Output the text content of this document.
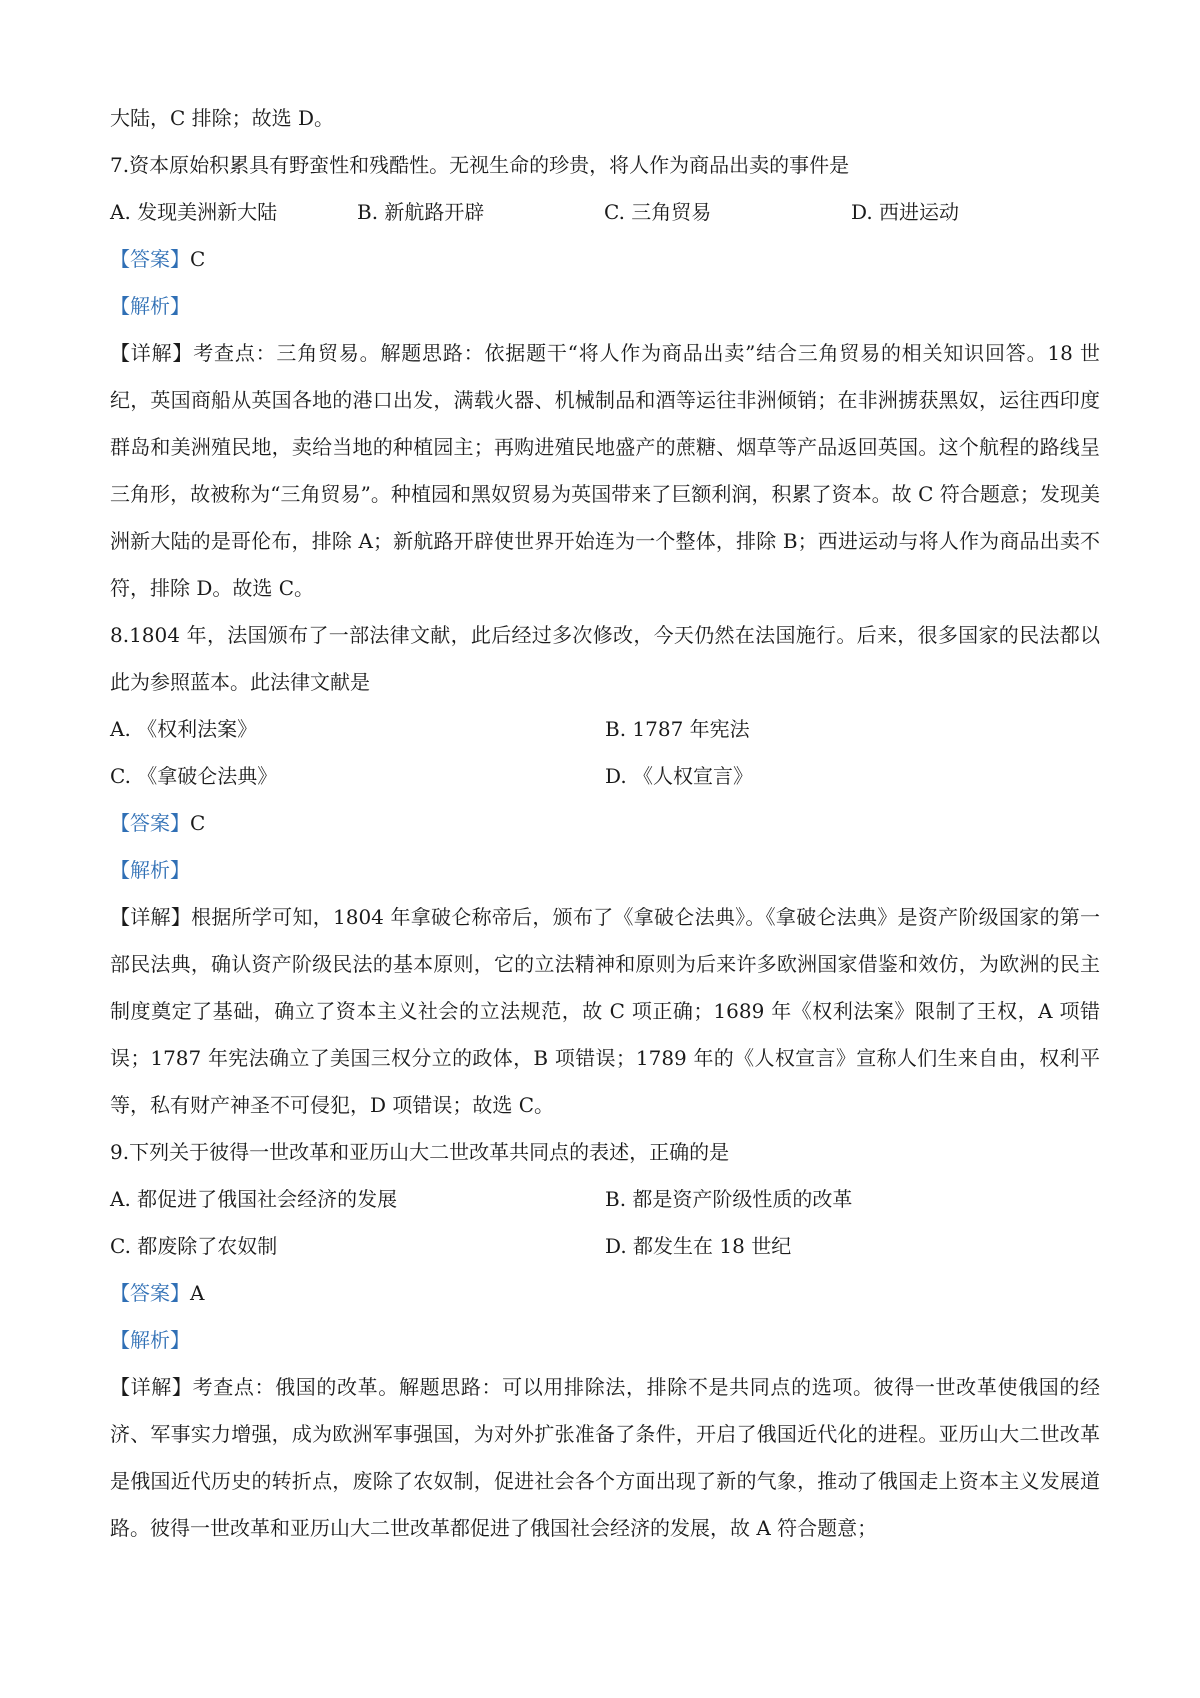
大陆，C 排除；故选 D。
7.资本原始积累具有野蛮性和残酷性。无视生命的珍贵，将人作为商品出卖的事件是
A. 发现美洲新大陆	B. 新航路开辟	C. 三角贸易	D. 西进运动
【答案】C
【解析】
【详解】考查点：三角贸易。解题思路：依据题干“将人作为商品出卖”结合三角贸易的相关知识回答。18 世纪，英国商船从英国各地的港口出发，满载火器、机械制品和酒等运往非洲倾销；在非洲掳获黑奴，运往西印度群岛和美洲殖民地，卖给当地的种植园主；再购进殖民地盛产的蔗糖、烟草等产品返回英国。这个航程的路线呈三角形，故被称为“三角贸易”。种植园和黑奴贸易为英国带来了巨额利润，积累了资本。故 C 符合题意；发现美洲新大陆的是哥伦布，排除 A；新航路开辟使世界开始连为一个整体，排除 B；西进运动与将人作为商品出卖不符，排除 D。故选 C。
8.1804 年，法国颁布了一部法律文献，此后经过多次修改，今天仍然在法国施行。后来，很多国家的民法都以此为参照蓝本。此法律文献是
A. 《权利法案》	B. 1787 年宪法
C. 《拿破仑法典》	D. 《人权宣言》
【答案】C
【解析】
【详解】根据所学可知，1804 年拿破仑称帝后，颁布了《拿破仑法典》。《拿破仑法典》是资产阶级国家的第一部民法典，确认资产阶级民法的基本原则，它的立法精神和原则为后来许多欧洲国家借鉴和效仿，为欧洲的民主制度奠定了基础，确立了资本主义社会的立法规范，故 C 项正确；1689 年《权利法案》限制了王权，A 项错误；1787 年宪法确立了美国三权分立的政体，B 项错误；1789 年的《人权宣言》宣称人们生来自由，权利平等，私有财产神圣不可侵犯，D 项错误；故选 C。
9.下列关于彼得一世改革和亚历山大二世改革共同点的表述，正确的是
A. 都促进了俄国社会经济的发展	B. 都是资产阶级性质的改革
C. 都废除了农奴制	D. 都发生在 18 世纪
【答案】A
【解析】
【详解】考查点：俄国的改革。解题思路：可以用排除法，排除不是共同点的选项。彼得一世改革使俄国的经济、军事实力增强，成为欧洲军事强国，为对外扩张准备了条件，开启了俄国近代化的进程。亚历山大二世改革是俄国近代历史的转折点，废除了农奴制，促进社会各个方面出现了新的气象，推动了俄国走上资本主义发展道路。彼得一世改革和亚历山大二世改革都促进了俄国社会经济的发展，故 A 符合题意；
